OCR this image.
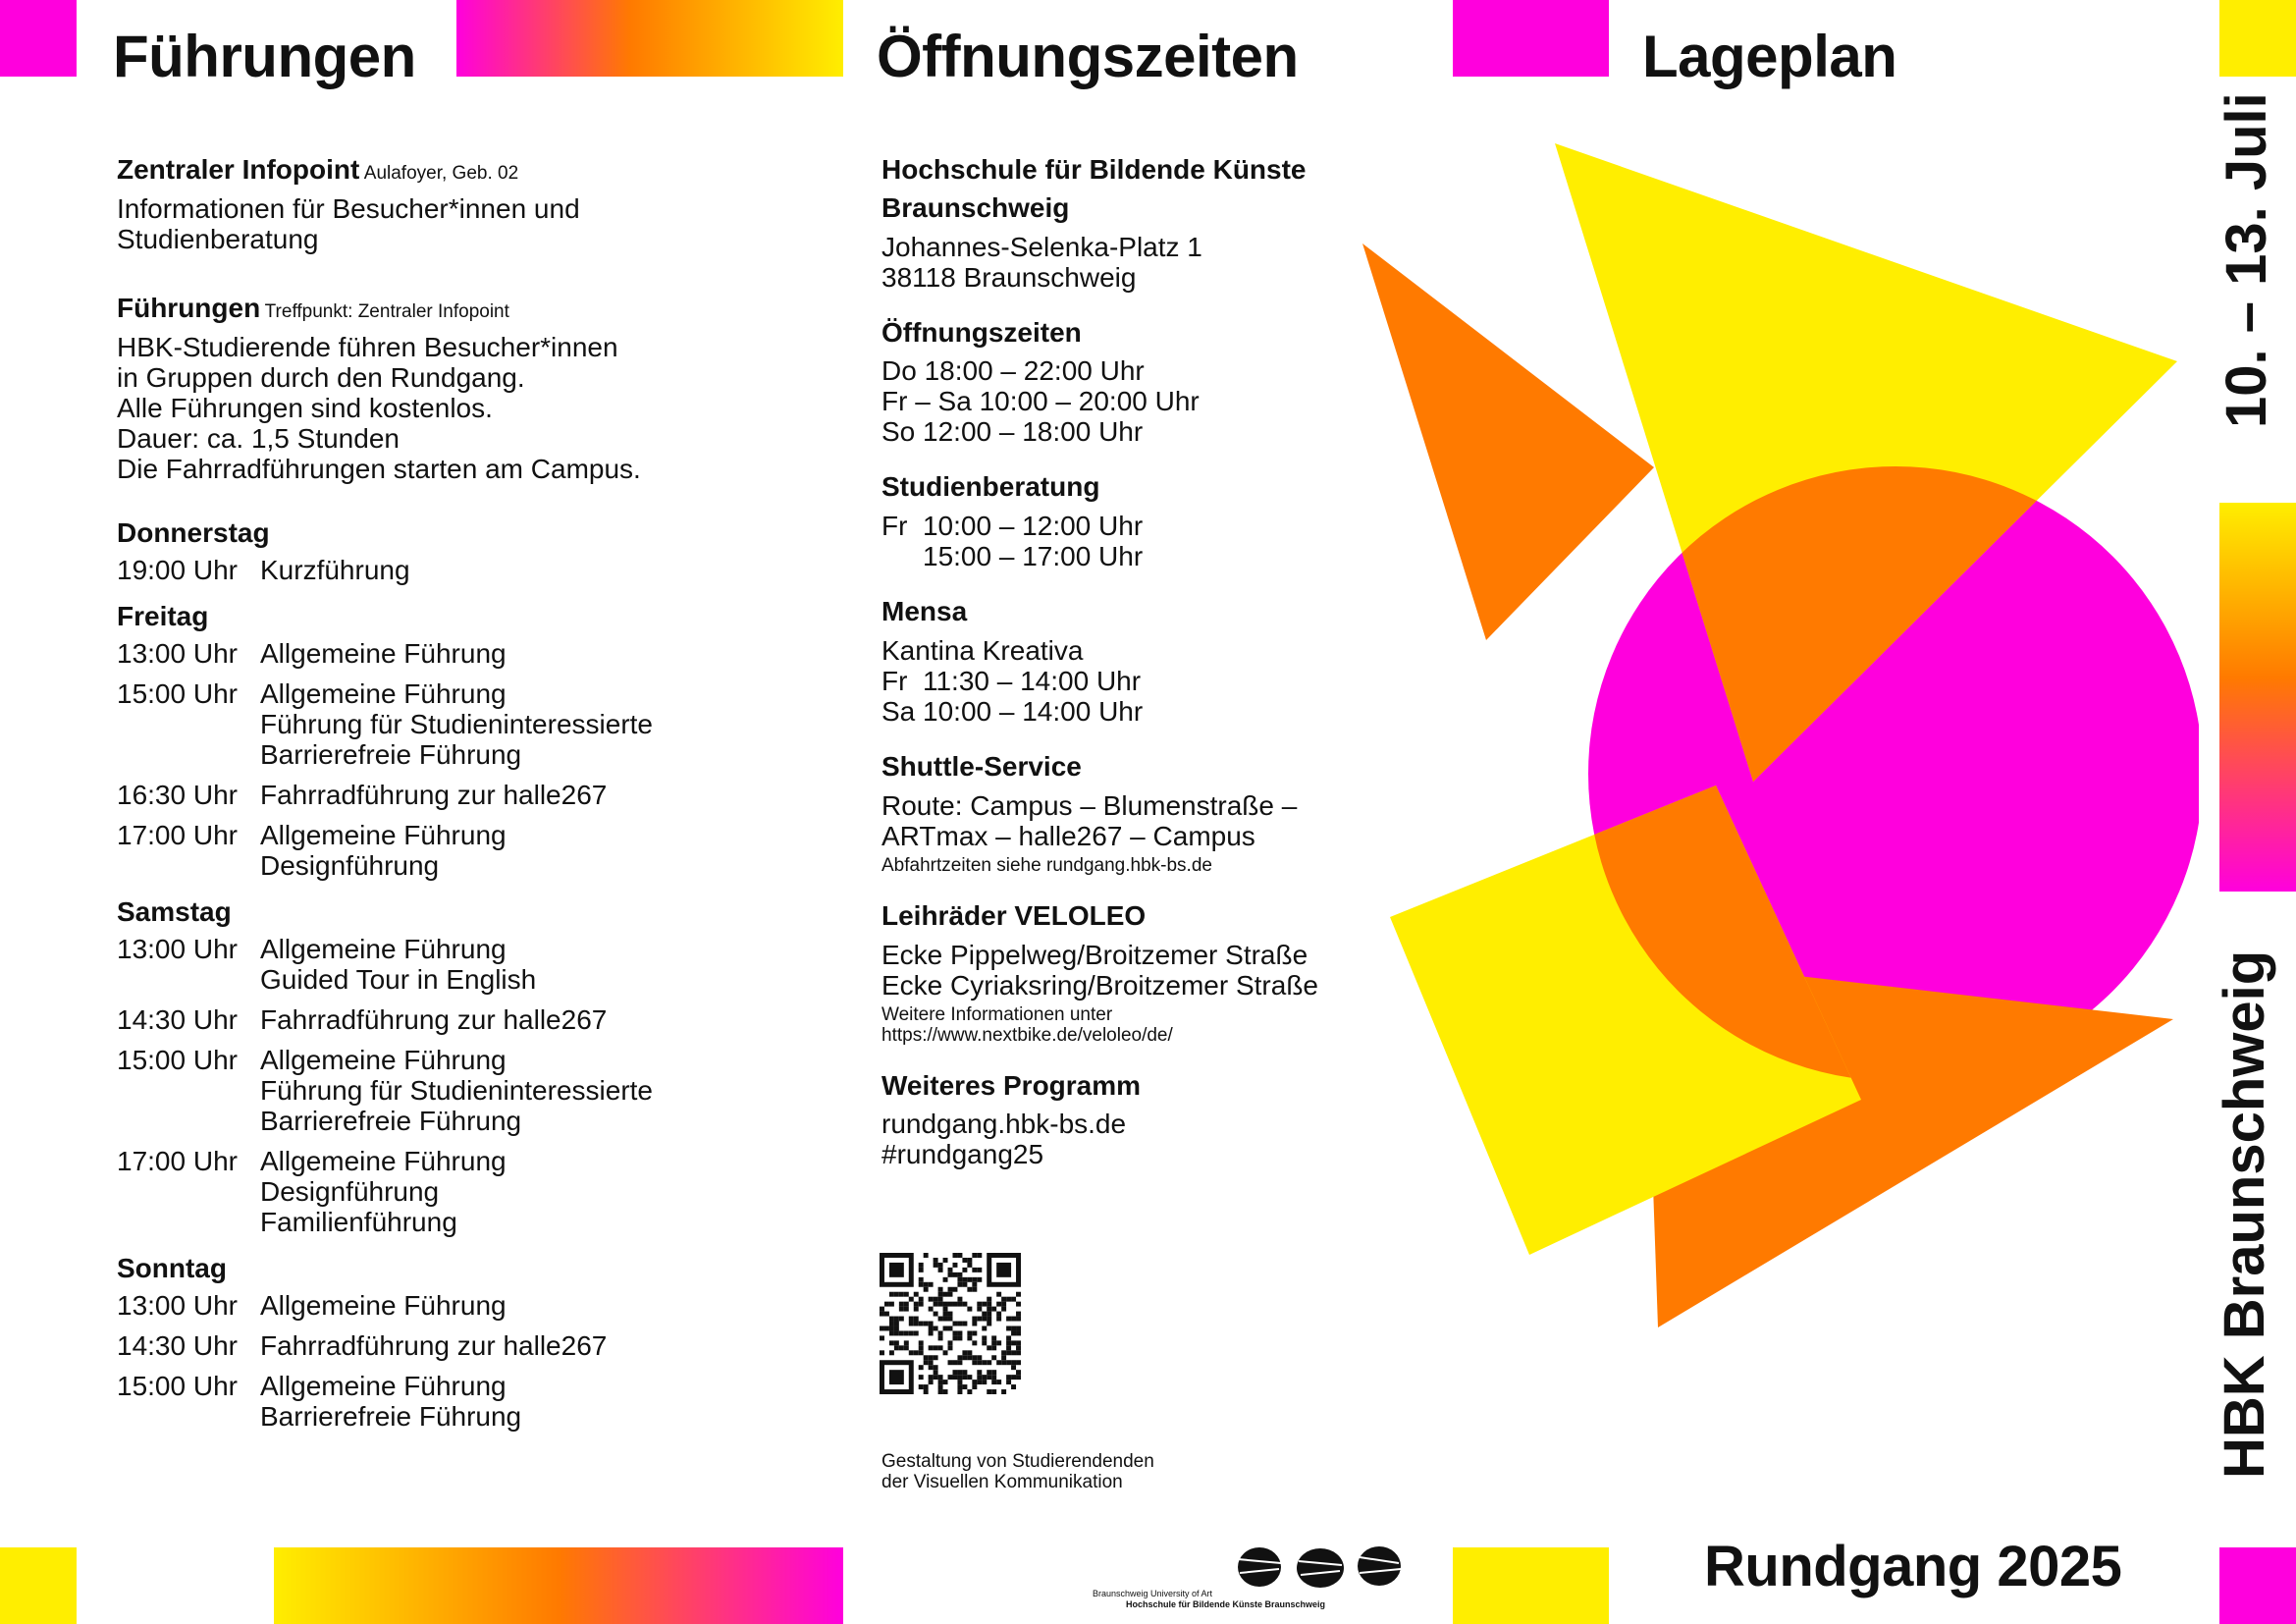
Führungen	Öffnungszeiten	Lageplan
Zentraler Infopoint Aulafoyer, Geb. 02
Informationen für Besucher*innen und
Studienberatung
Führungen Treffpunkt: Zentraler Infopoint
HBK-Studierende führen Besucher*innen
in Gruppen durch den Rundgang.
Alle Führungen sind kostenlos.
Dauer: ca. 1,5 Stunden
Die Fahrradführungen starten am Campus.
Donnerstag
19:00 Uhr Kurzführung
Freitag
13:00 Uhr Allgemeine Führung
15:00 Uhr Allgemeine Führung
Führung für Studieninteressierte
Barrierefreie Führung
16:30 Uhr Fahrradführung zur halle267
17:00 Uhr Allgemeine Führung
Designführung
Samstag
13:00 Uhr Allgemeine Führung
Guided Tour in English
14:30 Uhr Fahrradführung zur halle267
15:00 Uhr Allgemeine Führung
Führung für Studieninteressierte
Barrierefreie Führung
17:00 Uhr Allgemeine Führung
Designführung
Familienführung
Sonntag
13:00 Uhr Allgemeine Führung
14:30 Uhr Fahrradführung zur halle267
15:00 Uhr Allgemeine Führung
Barrierefreie Führung
Hochschule für Bildende Künste
Braunschweig
Johannes-Selenka-Platz 1
38118 Braunschweig
Öffnungszeiten
Do 18:00 – 22:00 Uhr
Fr – Sa 10:00 – 20:00 Uhr
So 12:00 – 18:00 Uhr
Studienberatung
Fr  10:00 – 12:00 Uhr
15:00 – 17:00 Uhr
Mensa
Kantina Kreativa
Fr  11:30 – 14:00 Uhr
Sa 10:00 – 14:00 Uhr
Shuttle-Service
Route: Campus – Blumenstraße –
ARTmax – halle267 – Campus
Abfahrtzeiten siehe rundgang.hbk-bs.de
Leihräder VELOLEO
Ecke Pippelweg/Broitzemer Straße
Ecke Cyriaksring/Broitzemer Straße
Weitere Informationen unter
https://www.nextbike.de/veloleo/de/
Weiteres Programm
rundgang.hbk-bs.de
#rundgang25
Gestaltung von Studierendenden
der Visuellen Kommunikation
Braunschweig University of Art
Hochschule für Bildende Künste Braunschweig
10. – 13. Juli
HBK Braunschweig
Rundgang 2025
